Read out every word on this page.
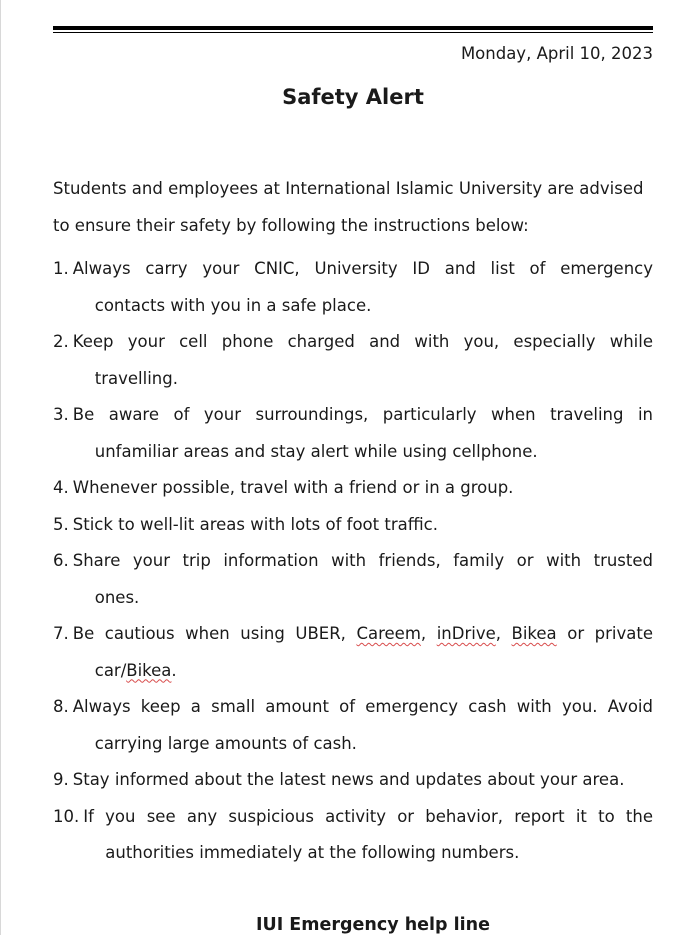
Monday, April 10, 2023
Safety Alert

Students and employees at International Islamic University are advised to ensure their safety by following the instructions below:

1. Always carry your CNIC, University ID and list of emergency
contacts with you in a safe place.
2. Keep your cell phone charged and with you, especially while
travelling.
3. Be aware of your surroundings, particularly when traveling in
unfamiliar areas and stay alert while using cellphone.
4. Whenever possible, travel with a friend or in a group.
5. Stick to well-lit areas with lots of foot traffic.
6. Share your trip information with friends, family or with trusted
ones.
7. Be cautious when using UBER, Careem, inDrive, Bikea or private
car/Bikea.
8. Always keep a small amount of emergency cash with you. Avoid
carrying large amounts of cash.
9. Stay informed about the latest news and updates about your area.
10. If you see any suspicious activity or behavior, report it to the
authorities immediately at the following numbers.
IUI Emergency help line
